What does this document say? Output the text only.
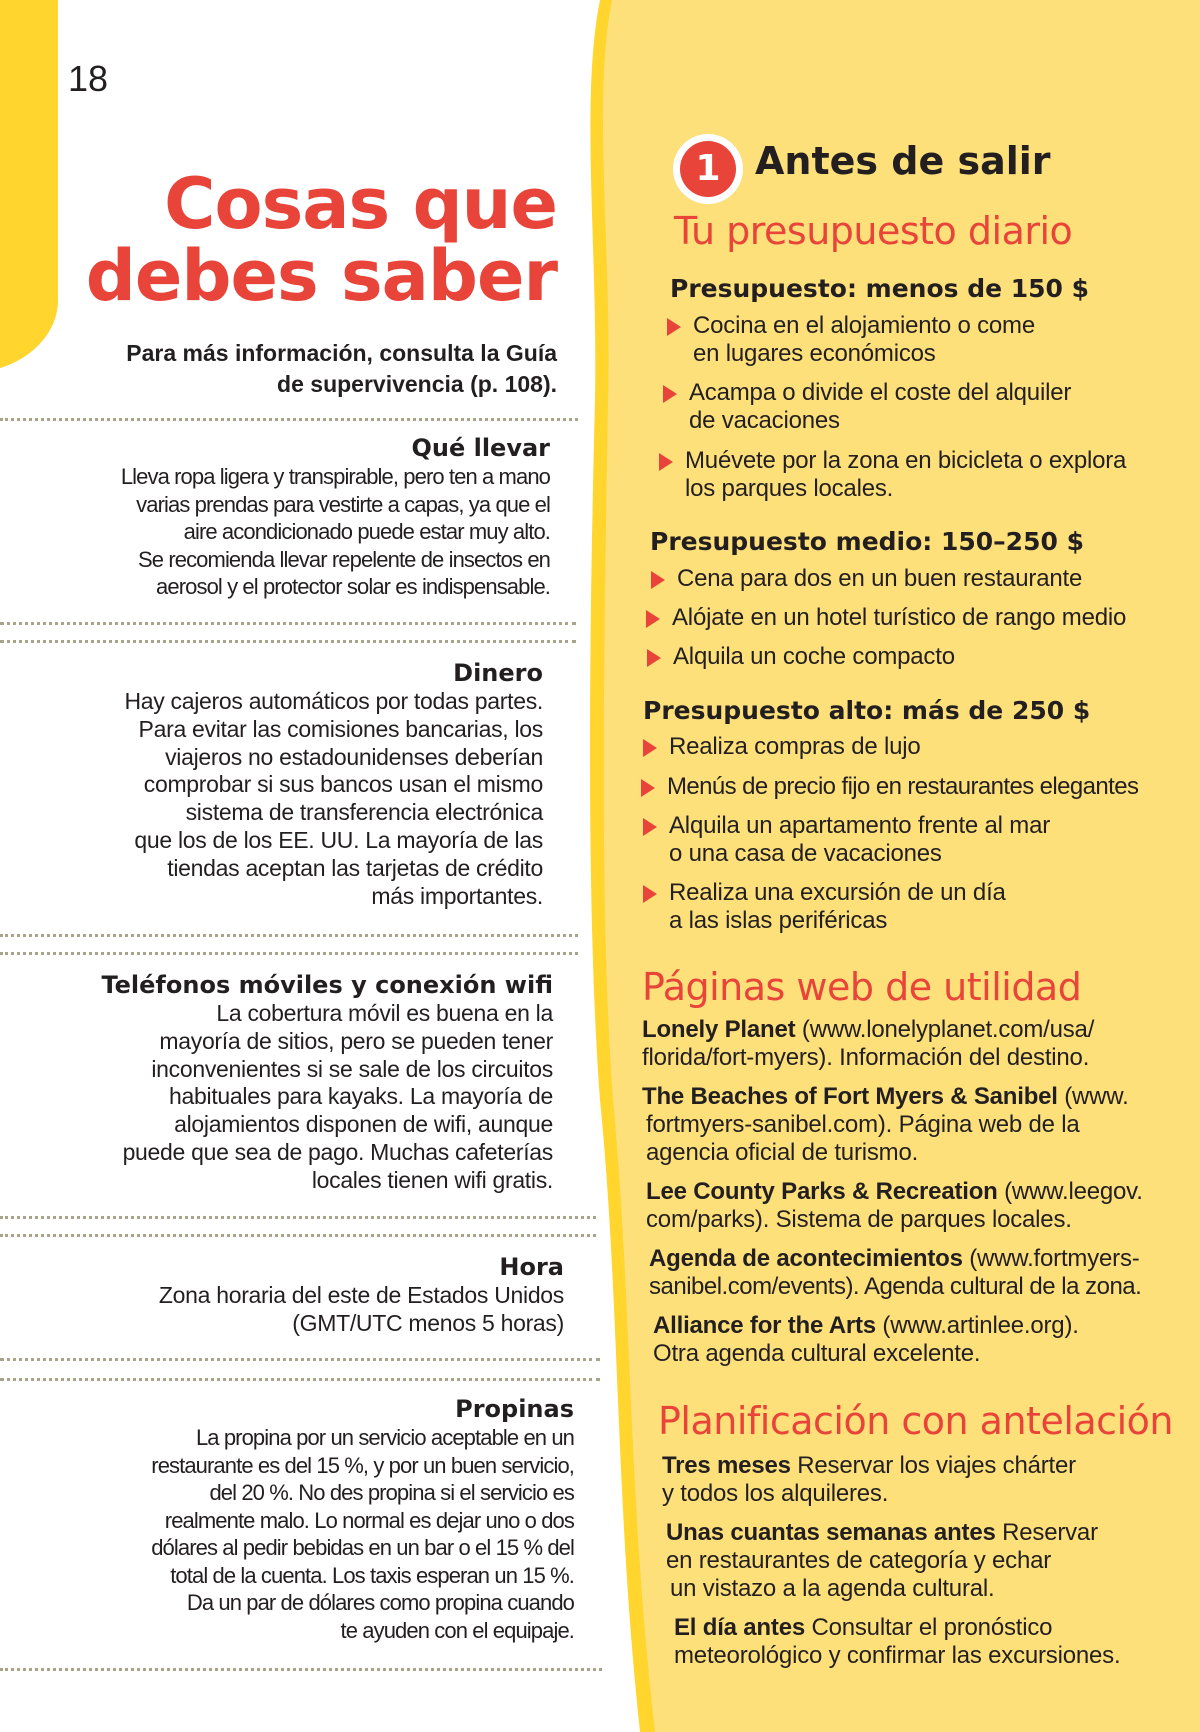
18
Cosas que
debes saber
Para más información, consulta la Guía
de supervivencia (p. 108).
Qué llevar

Lleva ropa ligera y transpirable, pero ten a mano
varias prendas para vestirte a capas, ya que el
aire acondicionado puede estar muy alto.
Se recomienda llevar repelente de insectos en
aerosol y el protector solar es indispensable.

Dinero

Hay cajeros automáticos por todas partes.
Para evitar las comisiones bancarias, los
viajeros no estadounidenses deberían
comprobar si sus bancos usan el mismo
sistema de transferencia electrónica
que los de los EE. UU. La mayoría de las
tiendas aceptan las tarjetas de crédito
más importantes.

Teléfonos móviles y conexión wifi

La cobertura móvil es buena en la
mayoría de sitios, pero se pueden tener
inconvenientes si se sale de los circuitos
habituales para kayaks. La mayoría de
alojamientos disponen de wifi, aunque
puede que sea de pago. Muchas cafeterías
locales tienen wifi gratis.

Hora

Zona horaria del este de Estados Unidos
(GMT/UTC menos 5 horas)

Propinas

La propina por un servicio aceptable en un
restaurante es del 15 %, y por un buen servicio,
del 20 %. No des propina si el servicio es
realmente malo. Lo normal es dejar uno o dos
dólares al pedir bebidas en un bar o el 15 % del
total de la cuenta. Los taxis esperan un 15 %.
Da un par de dólares como propina cuando
te ayuden con el equipaje.

1 Antes de salir
Tu presupuesto diario
Presupuesto: menos de 150 $
Cocina en el alojamiento o come
en lugares económicos
Acampa o divide el coste del alquiler
de vacaciones
Muévete por la zona en bicicleta o explora
los parques locales.
Presupuesto medio: 150–250 $
Cena para dos en un buen restaurante
Alójate en un hotel turístico de rango medio
Alquila un coche compacto
Presupuesto alto: más de 250 $
Realiza compras de lujo
Menús de precio fijo en restaurantes elegantes
Alquila un apartamento frente al mar
o una casa de vacaciones
Realiza una excursión de un día
a las islas periféricas
Páginas web de utilidad
Lonely Planet (www.lonelyplanet.com/usa/
florida/fort-myers). Información del destino.
The Beaches of Fort Myers & Sanibel (www.
fortmyers-sanibel.com). Página web de la
agencia oficial de turismo.
Lee County Parks & Recreation (www.leegov.
com/parks). Sistema de parques locales.
Agenda de acontecimientos (www.fortmyers-
sanibel.com/events). Agenda cultural de la zona.
Alliance for the Arts (www.artinlee.org).
Otra agenda cultural excelente.
Planificación con antelación
Tres meses Reservar los viajes chárter
y todos los alquileres.
Unas cuantas semanas antes Reservar
en restaurantes de categoría y echar
un vistazo a la agenda cultural.
El día antes Consultar el pronóstico
meteorológico y confirmar las excursiones.
